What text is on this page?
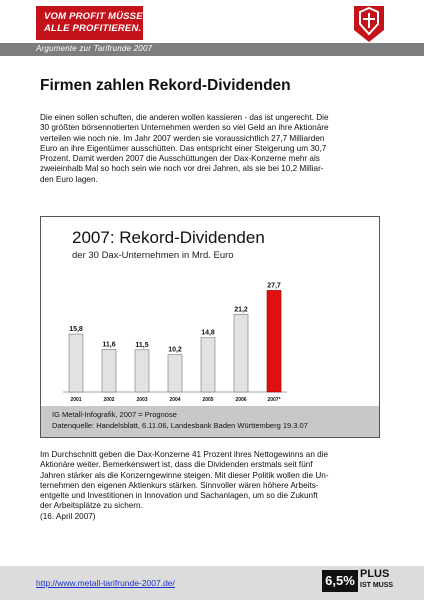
VOM PROFIT MÜSSEN
ALLE PROFITIEREN.
Argumente zur Tarifrunde 2007
Firmen zahlen Rekord-Dividenden
Die einen sollen schuften, die anderen wollen kassieren - das ist ungerecht. Die
30 größten börsennotierten Unternehmen werden so viel Geld an ihre Aktionäre
verteilen wie noch nie. Im Jahr 2007 werden sie voraussichtlich 27,7 Milliarden
Euro an ihre Eigentümer ausschütten. Das entspricht einer Steigerung um 30,7
Prozent. Damit werden 2007 die Ausschüttungen der Dax-Konzerne mehr als
zweieinhalb Mal so hoch sein wie noch vor drei Jahren, als sie bei 10,2 Milliar-
den Euro lagen.
2007: Rekord-Dividenden
der 30 Dax-Unternehmen in Mrd. Euro
15,8
2001
11,6
2002
11,5
2003
10,2
2004
14,8
2005
21,2
2006
27,7
2007*
IG Metall-Infografik, 2007 = Prognose
Datenquelle: Handelsblatt, 6.11.06, Landesbank Baden Württemberg 19.3.07
Im Durchschnitt geben die Dax-Konzerne 41 Prozent ihres Nettogewinns an die
Aktionäre weiter. Bemerkenswert ist, dass die Dividenden erstmals seit fünf
Jahren stärker als die Konzerngewinne steigen. Mit dieser Politik wollen die Un-
ternehmen den eigenen Aktienkurs stärken. Sinnvoller wären höhere Arbeits-
entgelte und Investitionen in Innovation und Sachanlagen, um so die Zukunft
der Arbeitsplätze zu sichern.
(16. April 2007)
http://www.metall-tarifrunde-2007.de/	6,5% PLUS
IST MUSS
